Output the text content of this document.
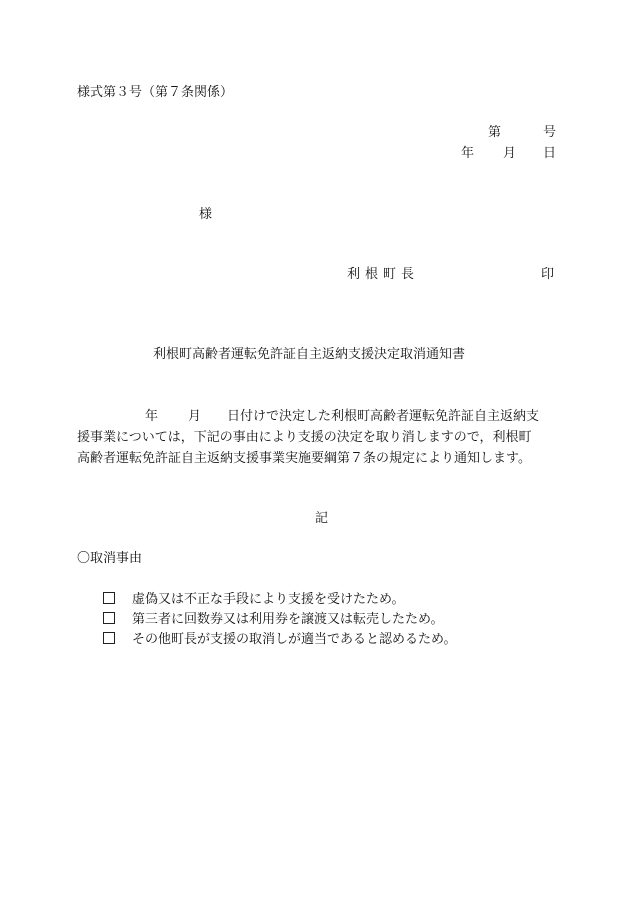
様式第３号（第７条関係）
第	号
年 月 日
様
利根町長	印
利根町高齢者運転免許証自主返納支援決定取消通知書
年 月 日付けで決定した利根町高齢者運転免許証自主返納支
援事業については，下記の事由により支援の決定を取り消しますので，利根町
高齢者運転免許証自主返納支援事業実施要綱第７条の規定により通知します。
記
〇取消事由
虚偽又は不正な手段により支援を受けたため。
第三者に回数券又は利用券を譲渡又は転売したため。
その他町長が支援の取消しが適当であると認めるため。
